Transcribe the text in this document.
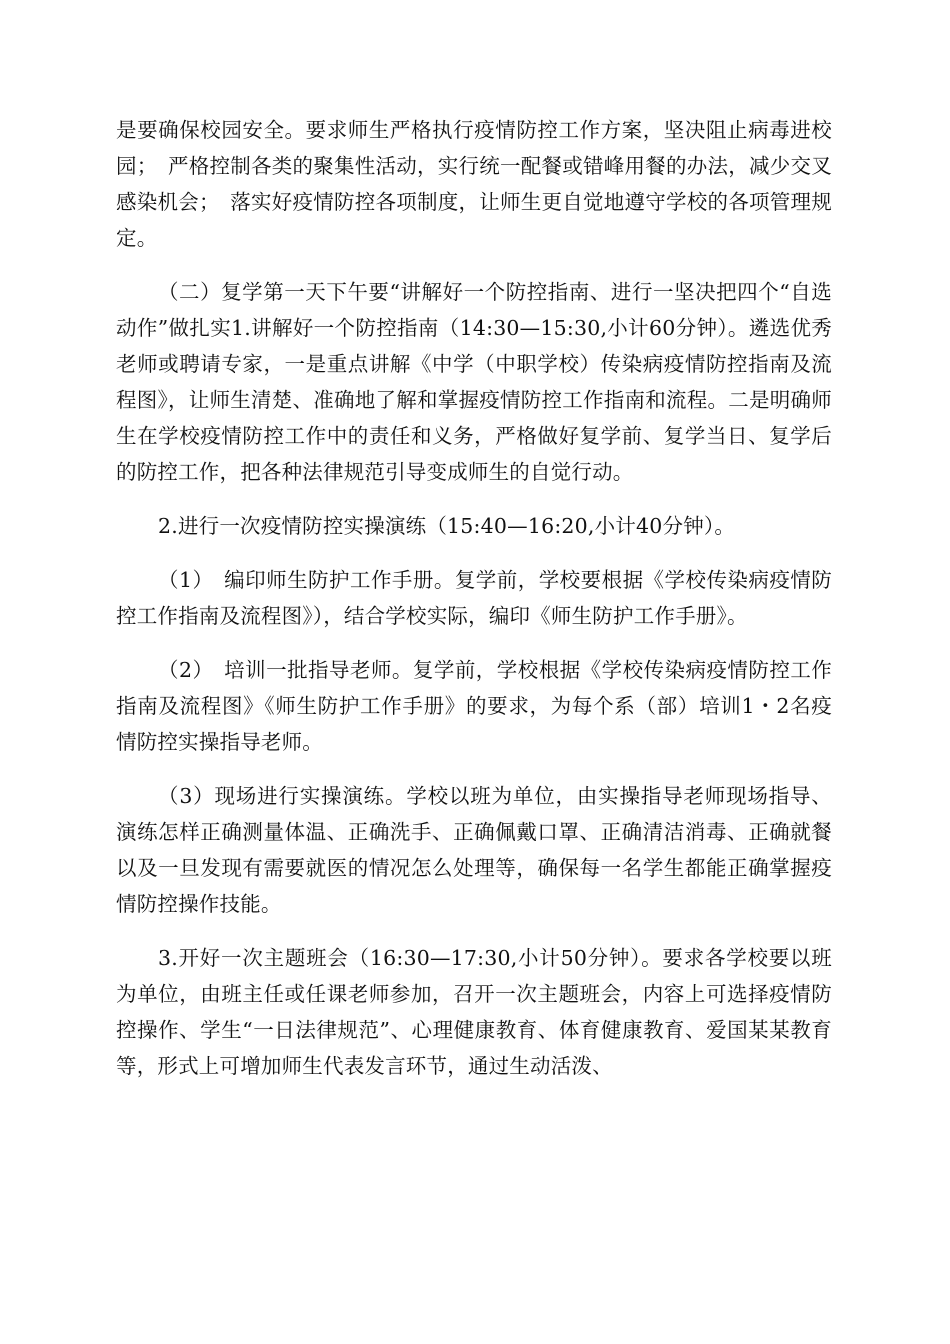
是要确保校园安全。要求师生严格执行疫情防控工作方案，坚决阻止病毒进校园；　严格控制各类的聚集性活动，实行统一配餐或错峰用餐的办法，减少交叉感染机会；　落实好疫情防控各项制度，让师生更自觉地遵守学校的各项管理规定。

（二）复学第一天下午要“讲解好一个防控指南、进行一坚决把四个“自选动作”做扎实1.讲解好一个防控指南（14:30—15:30,小计60分钟）。遴选优秀老师或聘请专家，一是重点讲解《中学（中职学校）传染病疫情防控指南及流程图》，让师生清楚、准确地了解和掌握疫情防控工作指南和流程。二是明确师生在学校疫情防控工作中的责任和义务，严格做好复学前、复学当日、复学后的防控工作，把各种法律规范引导变成师生的自觉行动。

2.进行一次疫情防控实操演练（15:40—16:20,小计40分钟）。

（1）　编印师生防护工作手册。复学前，学校要根据《学校传染病疫情防控工作指南及流程图》），结合学校实际，编印《师生防护工作手册》。

（2）　培训一批指导老师。复学前，学校根据《学校传染病疫情防控工作指南及流程图》《师生防护工作手册》的要求，为每个系（部）培训1・2名疫情防控实操指导老师。

（3）现场进行实操演练。学校以班为单位，由实操指导老师现场指导、演练怎样正确测量体温、正确洗手、正确佩戴口罩、正确清洁消毒、正确就餐以及一旦发现有需要就医的情况怎么处理等，确保每一名学生都能正确掌握疫情防控操作技能。

3.开好一次主题班会（16:30—17:30,小计50分钟）。要求各学校要以班为单位，由班主任或任课老师参加，召开一次主题班会，内容上可选择疫情防控操作、学生“一日法律规范”、心理健康教育、体育健康教育、爱国某某教育等，形式上可增加师生代表发言环节，通过生动活泼、
